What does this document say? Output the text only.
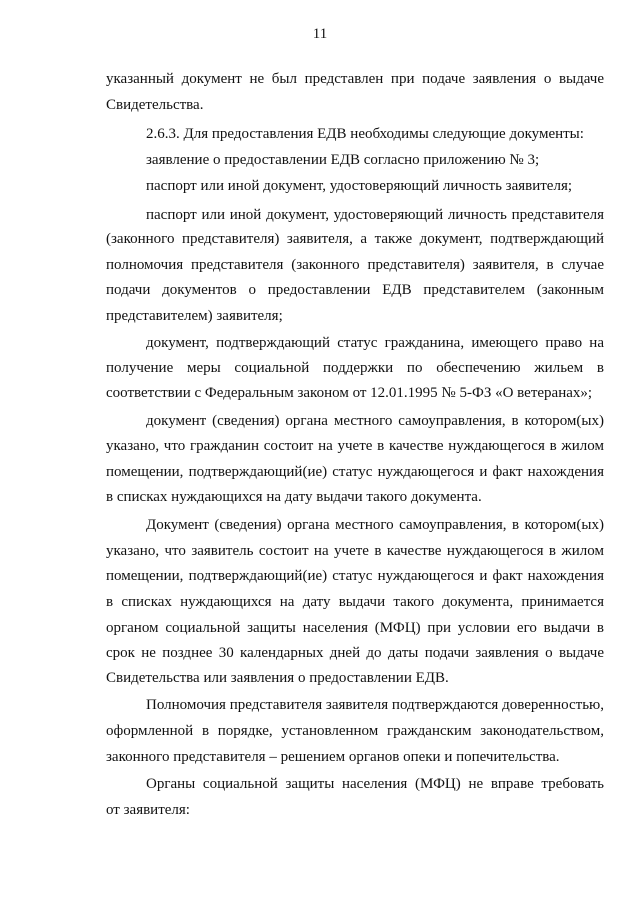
11
указанный документ не был представлен при подаче заявления о выдаче
Свидетельства.
2.6.3. Для предоставления ЕДВ необходимы следующие документы:
заявление о предоставлении ЕДВ согласно приложению № 3;
паспорт или иной документ, удостоверяющий личность заявителя;
паспорт или иной документ, удостоверяющий личность представителя
(законного представителя) заявителя, а также документ, подтверждающий
полномочия представителя (законного представителя) заявителя, в случае
подачи документов о предоставлении ЕДВ представителем (законным
представителем) заявителя;
документ, подтверждающий статус гражданина, имеющего право на
получение меры социальной поддержки по обеспечению жильем в
соответствии с Федеральным законом от 12.01.1995 № 5-ФЗ «О ветеранах»;
документ (сведения) органа местного самоуправления, в котором(ых)
указано, что гражданин состоит на учете в качестве нуждающегося в жилом
помещении, подтверждающий(ие) статус нуждающегося и факт нахождения
в списках нуждающихся на дату выдачи такого документа.
Документ (сведения) органа местного самоуправления, в котором(ых)
указано, что заявитель состоит на учете в качестве нуждающегося в жилом
помещении, подтверждающий(ие) статус нуждающегося и факт нахождения
в списках нуждающихся на дату выдачи такого документа, принимается
органом социальной защиты населения (МФЦ) при условии его выдачи в
срок не позднее 30 календарных дней до даты подачи заявления о выдаче
Свидетельства или заявления о предоставлении ЕДВ.
Полномочия представителя заявителя подтверждаются доверенностью,
оформленной в порядке, установленном гражданским законодательством,
законного представителя – решением органов опеки и попечительства.
Органы социальной защиты населения (МФЦ) не вправе требовать
от заявителя:
